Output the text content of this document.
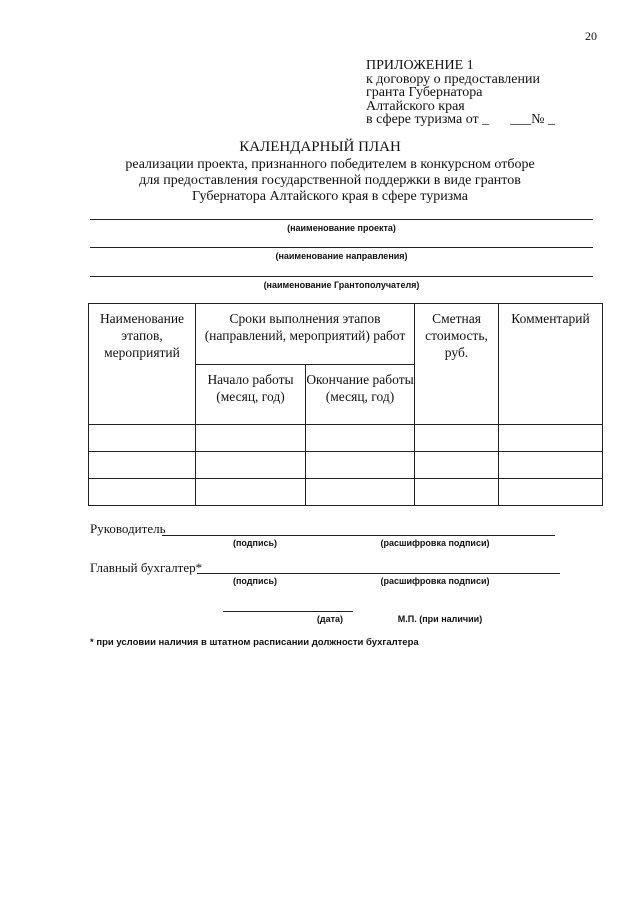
20
ПРИЛОЖЕНИЕ 1
к договору о предоставлении
гранта Губернатора
Алтайского края
в сфере туризма от _      ___№ _
КАЛЕНДАРНЫЙ ПЛАН
реализации проекта, признанного победителем в конкурсном отборе для предоставления государственной поддержки в виде грантов Губернатора Алтайского края в сфере туризма
(наименование проекта)
(наименование направления)
(наименование Грантополучателя)
Наименование этапов, мероприятий	Сроки выполнения этапов (направлений, мероприятий) работ		Сметная стоимость, руб.	Комментарий
	Начало работы (месяц, год)	Окончание работы (месяц, год)		

Руководитель
(подпись)	(расшифровка подписи)
Главный бухгалтер*
(подпись)	(расшифровка подписи)
(дата)	М.П. (при наличии)
* при условии наличия в штатном расписании должности бухгалтера
